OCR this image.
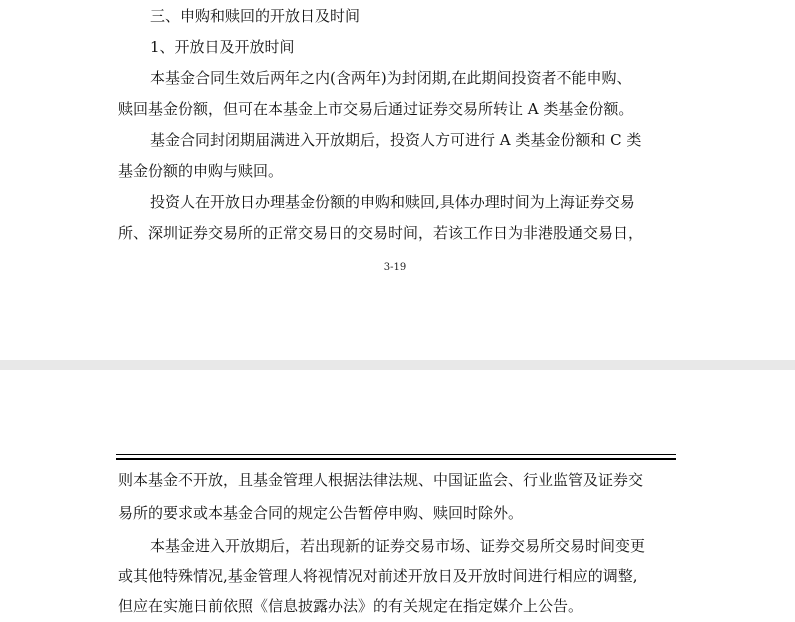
三、申购和赎回的开放日及时间
1、开放日及开放时间
本基金合同生效后两年之内(含两年)为封闭期,在此期间投资者不能申购、
赎回基金份额，但可在本基金上市交易后通过证券交易所转让 A 类基金份额。
基金合同封闭期届满进入开放期后，投资人方可进行 A 类基金份额和 C 类
基金份额的申购与赎回。
投资人在开放日办理基金份额的申购和赎回,具体办理时间为上海证券交易
所、深圳证券交易所的正常交易日的交易时间，若该工作日为非港股通交易日，
3-19
则本基金不开放，且基金管理人根据法律法规、中国证监会、行业监管及证券交
易所的要求或本基金合同的规定公告暂停申购、赎回时除外。
本基金进入开放期后，若出现新的证券交易市场、证券交易所交易时间变更
或其他特殊情况,基金管理人将视情况对前述开放日及开放时间进行相应的调整,
但应在实施日前依照《信息披露办法》的有关规定在指定媒介上公告。
